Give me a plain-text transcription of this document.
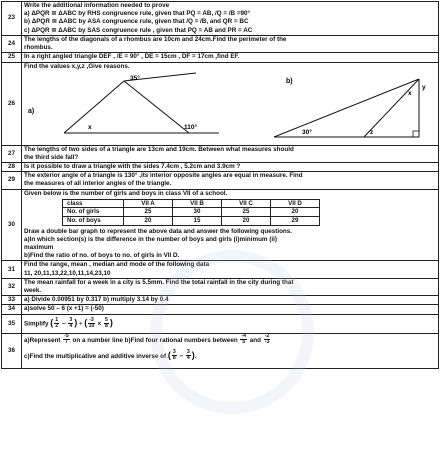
23	
Write the additional information needed to prove
a) ΔPQR ≅ ΔABC by RHS congruence rule, given that PQ = AB, /Q = /B =90°
b) ΔPQR ≅ ΔABC by ASA congruence rule, given that /Q = /B, and QR = BC
c) ΔPQR ≅ ΔABC by SAS congruence rule , given that PQ = AB and PR = AC

24	
The lengths of the diagonals of a rhombus are 10cm and 24cm.Find the perimeter of the
rhombus.

25	In a right angled triangle DEF , /E = 90° , DE = 15cm , DF = 17cm ,find EF.

26	
Find the values x,y,z ,Give reasons.
a)
35°
110°
x
b)
30°
x
y
z

27	
The lengths of two sides of a triangle are 13cm and 19cm. Between what measures should
the third side fall?

28	Is it possible to draw a triangle with the sides 7.4cm , 5.2cm and 3.9cm ?

29	
The exterior angle of a triangle is 130° ,its interior opposite angles are equal in measure. Find
the measures of all interior angles of the triangle.

30	
Given below is the number of girls and boys in class VII of a school.
class	VII A	VII B	VII C	VII D
No. of girls	25	30	25	20
No. of boys	20	15	20	29
Draw a double bar graph to represent the above data and answer the following questions.
a)In which section(s) is the difference in the number of boys and girls (i)minimum (ii)
maximum
b)Find the ratio of no. of boys to no. of girls in VII D.

31	
Find the range, mean , median and mode of the following data
11, 20,11,13,22,10,11,14,23,10

32	
The mean rainfall for a week in a city is 5.5mm. Find the total rainfall in the city during that
week.

33	a) Divide 0.00951 by 0.317 b) multiply 3.14 by 0.4

34	a)solve 50 – 6 (x +1) = (-50)

35	Simplify ( $\frac{1}{2} - \frac{3}{4}$ ) ÷ ( $\frac{-3}{10} \times \frac{5}{8}$ )
36	
a)Represent $\frac{-5}{7}$ on a number line b)Find four rational numbers between $\frac{-4}{5}$ and $\frac{-2}{-3}$
c)Find the multiplicative and additive inverse of ( $\frac{3}{8} - \frac{3}{4}$ ).
